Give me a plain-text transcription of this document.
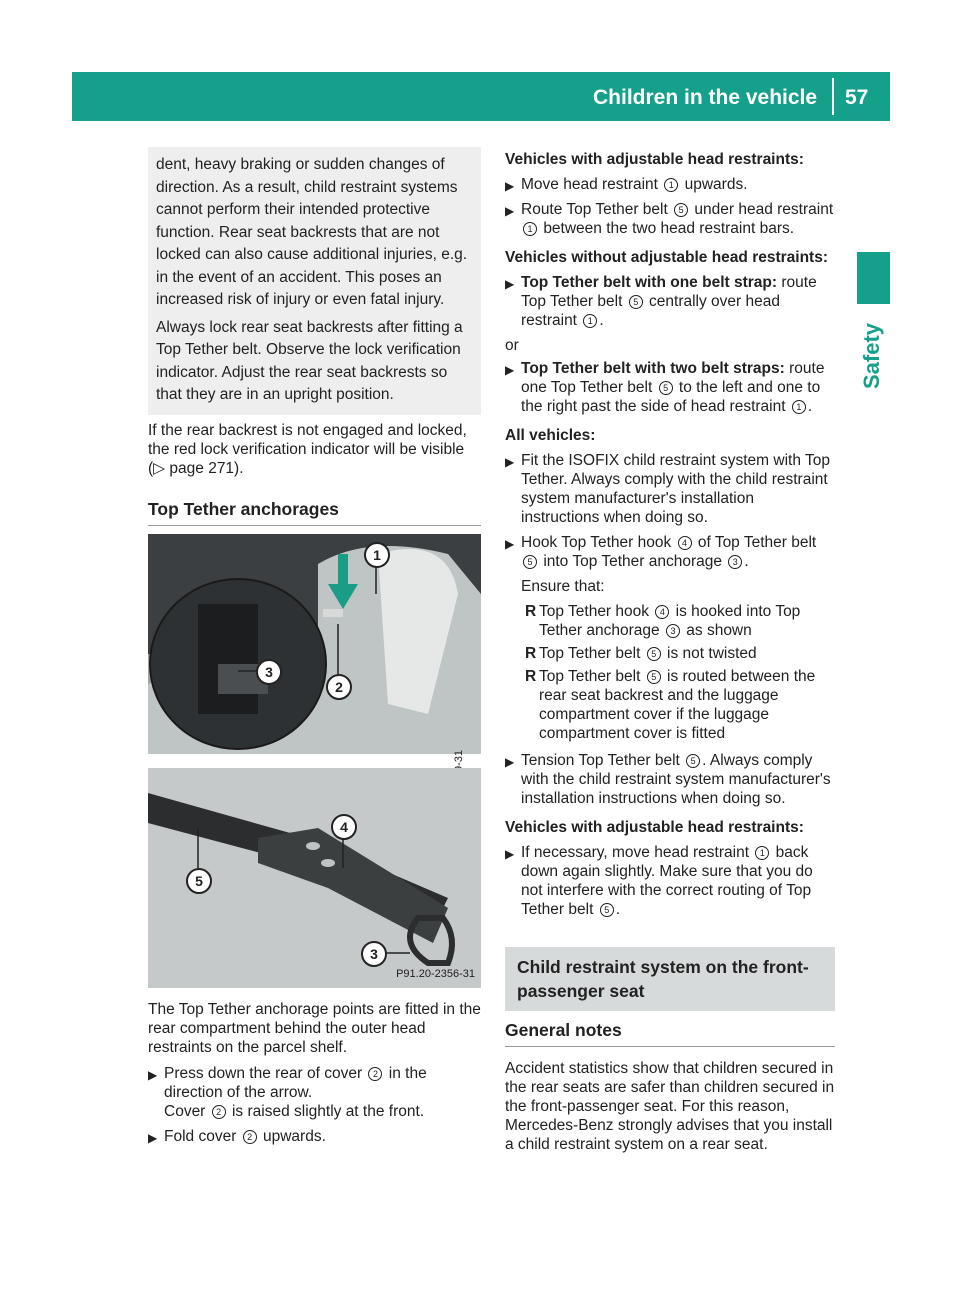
Children in the vehicle 57
Safety

dent, heavy braking or sudden changes of direction. As a result, child restraint systems cannot perform their intended protective function. Rear seat backrests that are not locked can also cause additional injuries, e.g. in the event of an accident. This poses an increased risk of injury or even fatal injury.

Always lock rear seat backrests after fitting a Top Tether belt. Observe the lock verification indicator. Adjust the rear seat backrests so that they are in an upright position.

If the rear backrest is not engaged and locked, the red lock verification indicator will be visible (▷ page 271).

Top Tether anchorages
1
2
3
5
4
3
P91.20-2356-31

The Top Tether anchorage points are fitted in the rear compartment behind the outer head restraints on the parcel shelf.

▶ Press down the rear of cover 2 in the direction of the arrow.
Cover 2 is raised slightly at the front.
▶ Fold cover 2 upwards.
Vehicles with adjustable head restraints:
▶ Move head restraint 1 upwards.
▶ Route Top Tether belt 5 under head restraint 1 between the two head restraint bars.
Vehicles without adjustable head restraints:
▶ Top Tether belt with one belt strap: route Top Tether belt 5 centrally over head restraint 1 .

or

▶ Top Tether belt with two belt straps: route one Top Tether belt 5 to the left and one to the right past the side of head restraint 1 .
All vehicles:
▶ Fit the ISOFIX child restraint system with Top Tether. Always comply with the child restraint system manufacturer's installation instructions when doing so.
▶ Hook Top Tether hook 4 of Top Tether belt 5 into Top Tether anchorage 3 .
Ensure that:
R Top Tether hook 4 is hooked into Top Tether anchorage 3 as shown
R Top Tether belt 5 is not twisted
R Top Tether belt 5 is routed between the rear seat backrest and the luggage compartment cover if the luggage compartment cover is fitted
▶ Tension Top Tether belt 5 . Always comply with the child restraint system manufacturer's installation instructions when doing so.
Vehicles with adjustable head restraints:
▶ If necessary, move head restraint 1 back down again slightly. Make sure that you do not interfere with the correct routing of Top Tether belt 5 .
Child restraint system on the front-passenger seat
General notes

Accident statistics show that children secured in the rear seats are safer than children secured in the front-passenger seat. For this reason, Mercedes-Benz strongly advises that you install a child restraint system on a rear seat.
